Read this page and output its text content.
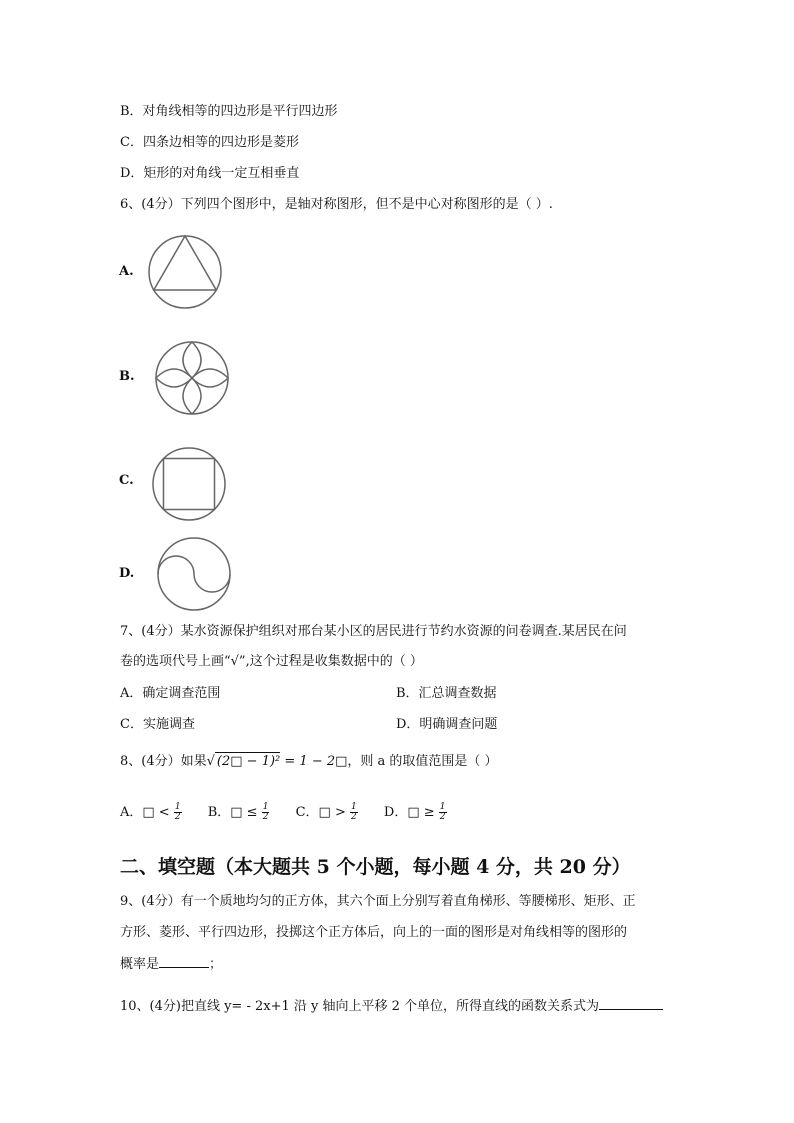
B．对角线相等的四边形是平行四边形
C．四条边相等的四边形是菱形
D．矩形的对角线一定互相垂直
6、(4分）下列四个图形中，是轴对称图形，但不是中心对称图形的是（ ）.
A.
B.
C.
D.
7、(4分）某水资源保护组织对邢台某小区的居民进行节约水资源的问卷调查.某居民在问
卷的选项代号上画“√”,这个过程是收集数据中的（ ）
A．确定调查范围	B．汇总调查数据
C．实施调查	D．明确调查问题
8、(4分）如果√ (2□ − 1)² = 1 − 2□，则 a 的取值范围是（ ）
A．□ < $\frac{1}{2}$ B．□ ≤ $\frac{1}{2}$ C．□ > $\frac{1}{2}$ D．□ ≥ $\frac{1}{2}$
二、填空题（本大题共 5 个小题，每小题 4 分，共 20 分）
9、(4分）有一个质地均匀的正方体，其六个面上分别写着直角梯形、等腰梯形、矩形、正
方形、菱形、平行四边形，投掷这个正方体后，向上的一面的图形是对角线相等的图形的
概率是	；
10、(4分)把直线 y= - 2x+1 沿 y 轴向上平移 2 个单位，所得直线的函数关系式为
